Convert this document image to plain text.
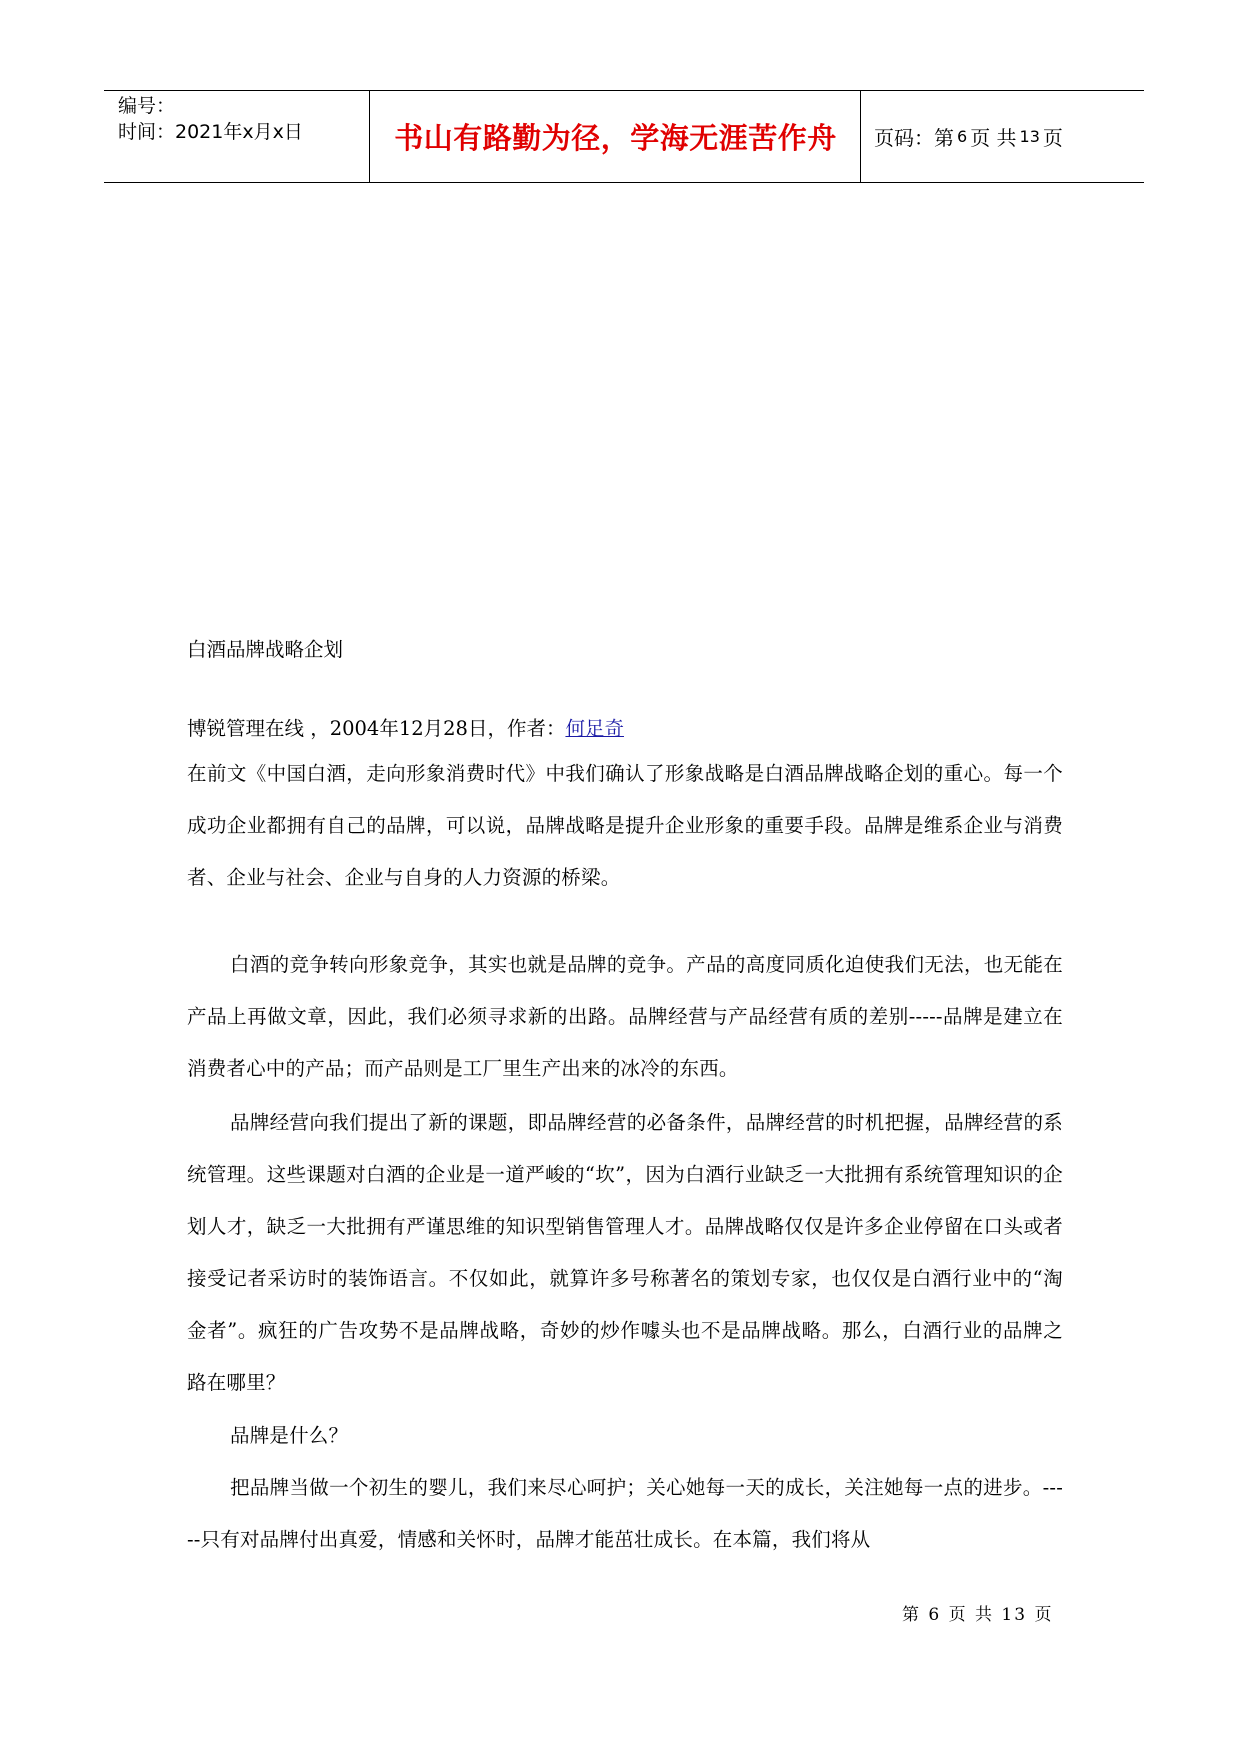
编号：
时间：2021年x月x日	书山有路勤为径，学海无涯苦作舟	页码：第 6 页 共 13 页
白酒品牌战略企划
博锐管理在线 ，2004年12月28日，作者：何足奇
在前文《中国白酒，走向形象消费时代》中我们确认了形象战略是白酒品牌战略企划的重心。每一个成功企业都拥有自己的品牌，可以说，品牌战略是提升企业形象的重要手段。品牌是维系企业与消费者、企业与社会、企业与自身的人力资源的桥梁。
白酒的竞争转向形象竞争，其实也就是品牌的竞争。产品的高度同质化迫使我们无法，也无能在产品上再做文章，因此，我们必须寻求新的出路。品牌经营与产品经营有质的差别-----品牌是建立在消费者心中的产品；而产品则是工厂里生产出来的冰冷的东西。
品牌经营向我们提出了新的课题，即品牌经营的必备条件，品牌经营的时机把握，品牌经营的系统管理。这些课题对白酒的企业是一道严峻的“坎”，因为白酒行业缺乏一大批拥有系统管理知识的企划人才，缺乏一大批拥有严谨思维的知识型销售管理人才。品牌战略仅仅是许多企业停留在口头或者接受记者采访时的装饰语言。不仅如此，就算许多号称著名的策划专家，也仅仅是白酒行业中的“淘金者”。疯狂的广告攻势不是品牌战略，奇妙的炒作噱头也不是品牌战略。那么，白酒行业的品牌之路在哪里？
品牌是什么？
把品牌当做一个初生的婴儿，我们来尽心呵护；关心她每一天的成长，关注她每一点的进步。-----只有对品牌付出真爱，情感和关怀时，品牌才能茁壮成长。在本篇，我们将从
第 6 页 共 13 页
